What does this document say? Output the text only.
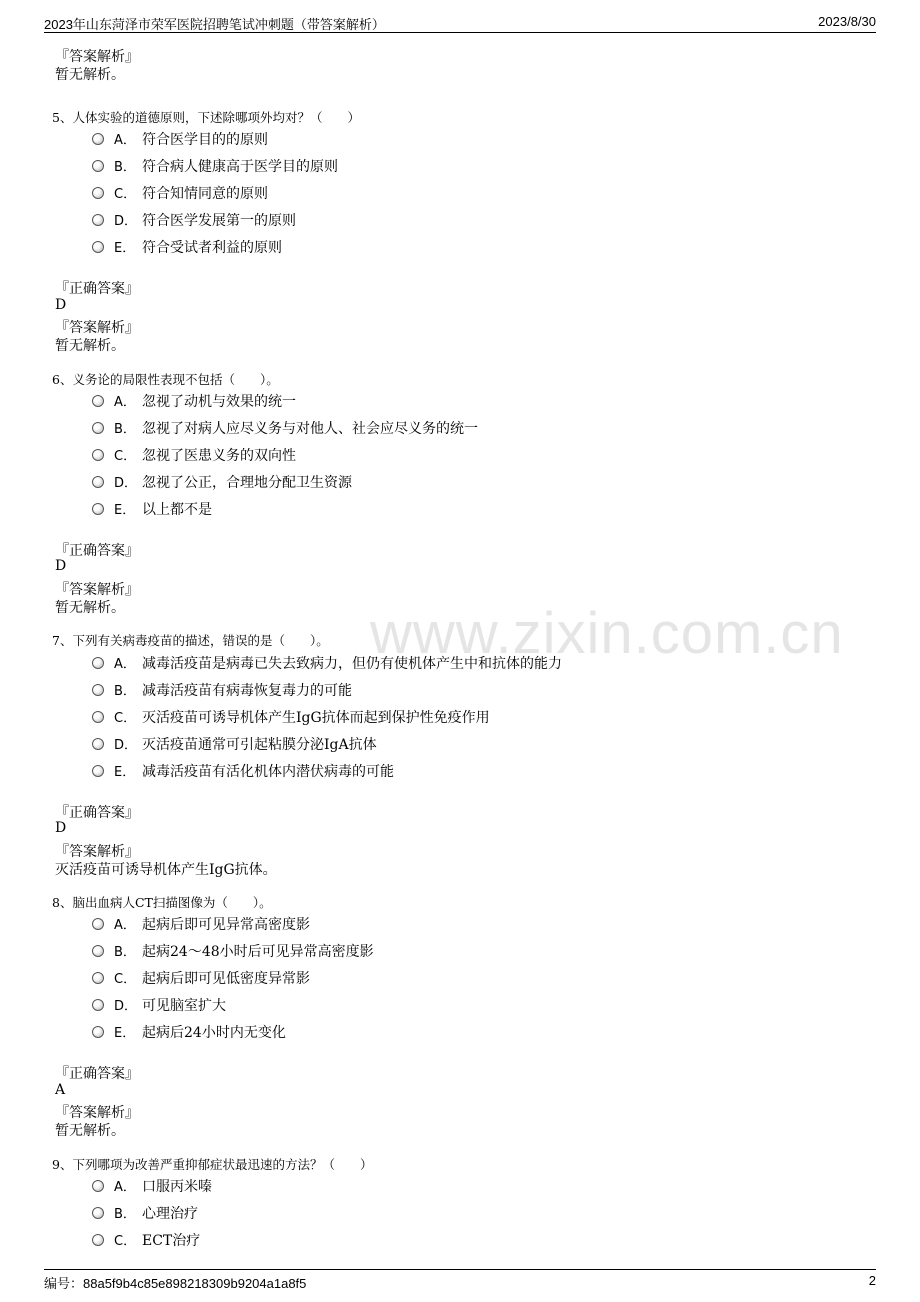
2023年山东菏泽市荣军医院招聘笔试冲刺题（带答案解析）	2023/8/30
www.zixin.com.cn
『答案解析』
暂无解析。
5、人体实验的道德原则，下述除哪项外均对？（　　）
A． 符合医学目的的原则
B． 符合病人健康高于医学目的原则
C． 符合知情同意的原则
D． 符合医学发展第一的原则
E． 符合受试者利益的原则
『正确答案』
D
『答案解析』
暂无解析。
6、义务论的局限性表现不包括（　　）。
A． 忽视了动机与效果的统一
B． 忽视了对病人应尽义务与对他人、社会应尽义务的统一
C． 忽视了医患义务的双向性
D． 忽视了公正，合理地分配卫生资源
E． 以上都不是
『正确答案』
D
『答案解析』
暂无解析。
7、下列有关病毒疫苗的描述，错误的是（　　）。
A． 减毒活疫苗是病毒已失去致病力，但仍有使机体产生中和抗体的能力
B． 减毒活疫苗有病毒恢复毒力的可能
C． 灭活疫苗可诱导机体产生IgG抗体而起到保护性免疫作用
D． 灭活疫苗通常可引起粘膜分泌IgA抗体
E． 减毒活疫苗有活化机体内潜伏病毒的可能
『正确答案』
D
『答案解析』
灭活疫苗可诱导机体产生IgG抗体。
8、脑出血病人CT扫描图像为（　　）。
A． 起病后即可见异常高密度影
B． 起病24～48小时后可见异常高密度影
C． 起病后即可见低密度异常影
D． 可见脑室扩大
E． 起病后24小时内无变化
『正确答案』
A
『答案解析』
暂无解析。
9、下列哪项为改善严重抑郁症状最迅速的方法？（　　）
A． 口服丙米嗪
B． 心理治疗
C． ECT治疗
编号：88a5f9b4c85e898218309b9204a1a8f5	2
